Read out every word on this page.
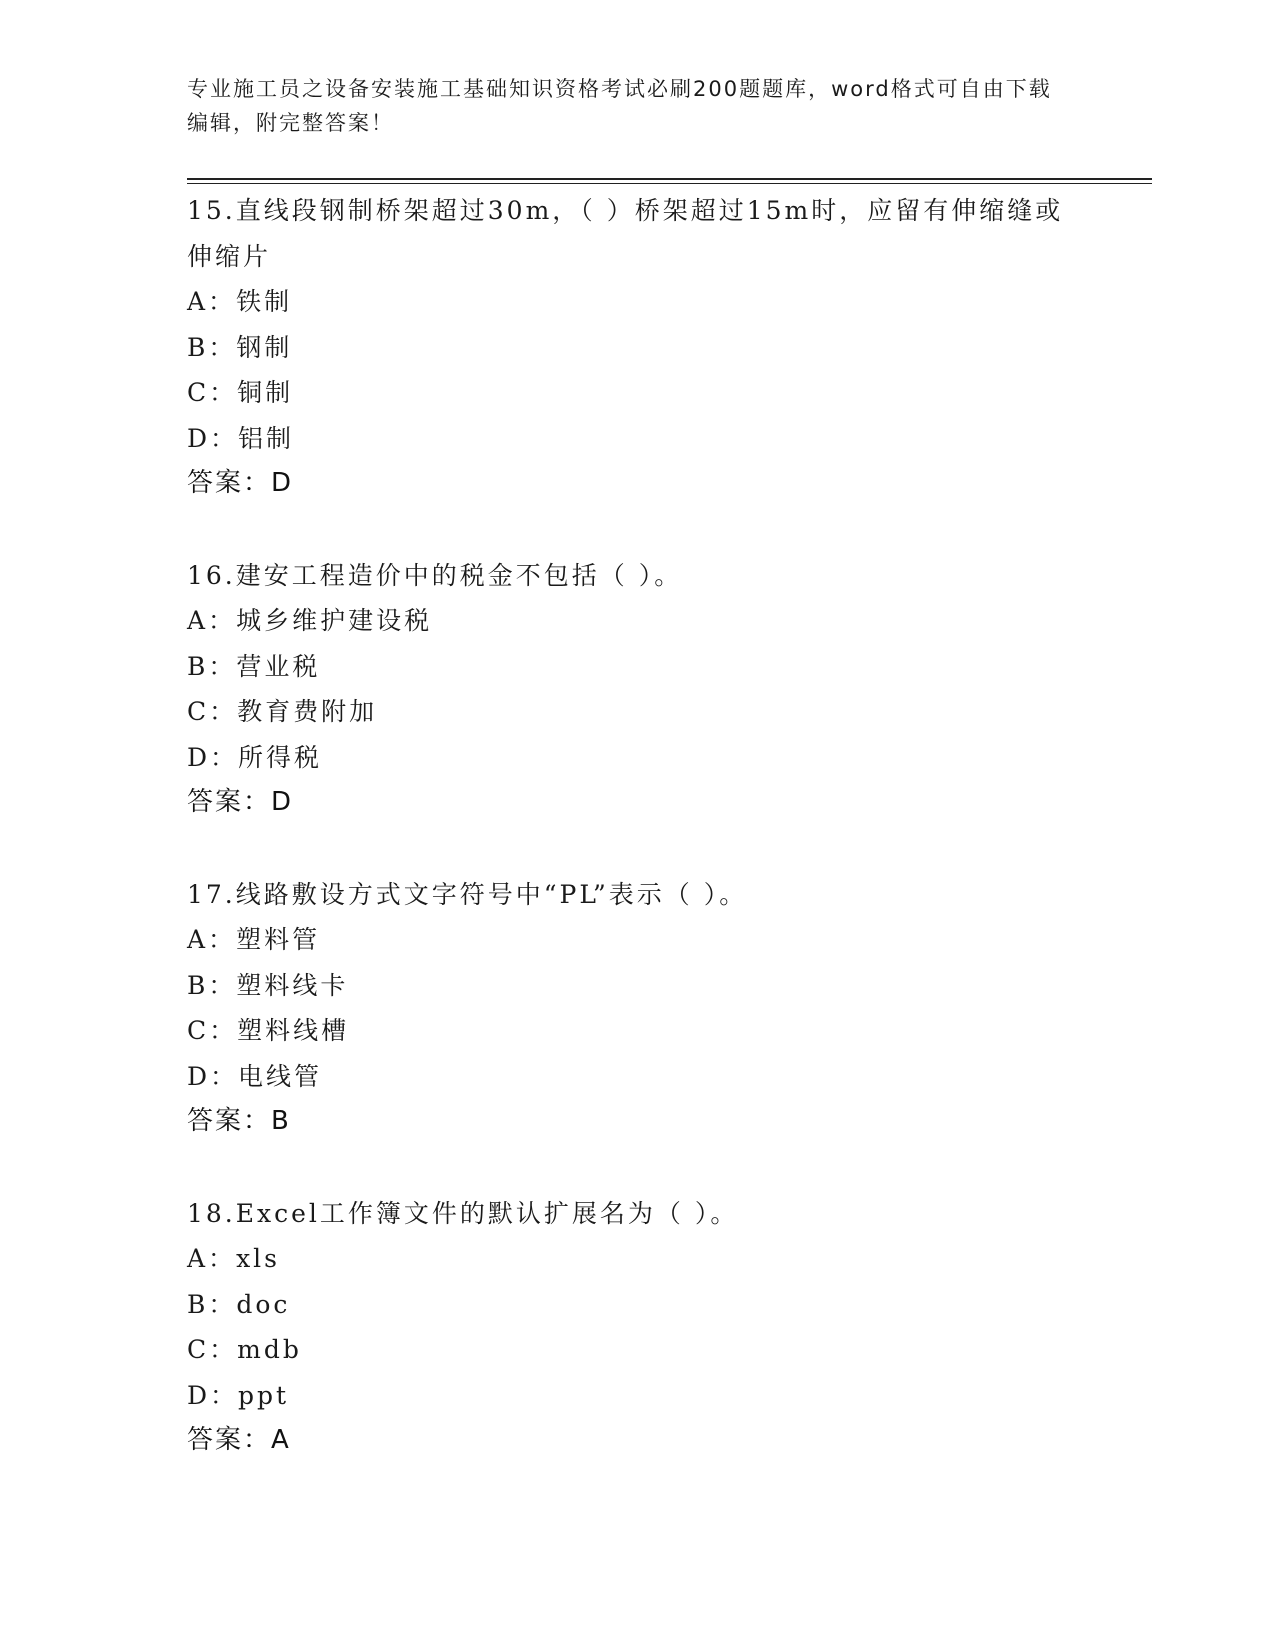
专业施工员之设备安装施工基础知识资格考试必刷200题题库，word格式可自由下载编辑，附完整答案！

15.直线段钢制桥架超过30m，（ ）桥架超过15m时，应留有伸缩缝或伸缩片

A：铁制

B：钢制

C：铜制

D：铝制

答案：D

16.建安工程造价中的税金不包括（ ）。

A：城乡维护建设税

B：营业税

C：教育费附加

D：所得税

答案：D

17.线路敷设方式文字符号中“PL”表示（ ）。

A：塑料管

B：塑料线卡

C：塑料线槽

D：电线管

答案：B

18.Excel工作簿文件的默认扩展名为（ ）。

A：xls

B：doc

C：mdb

D：ppt

答案：A
